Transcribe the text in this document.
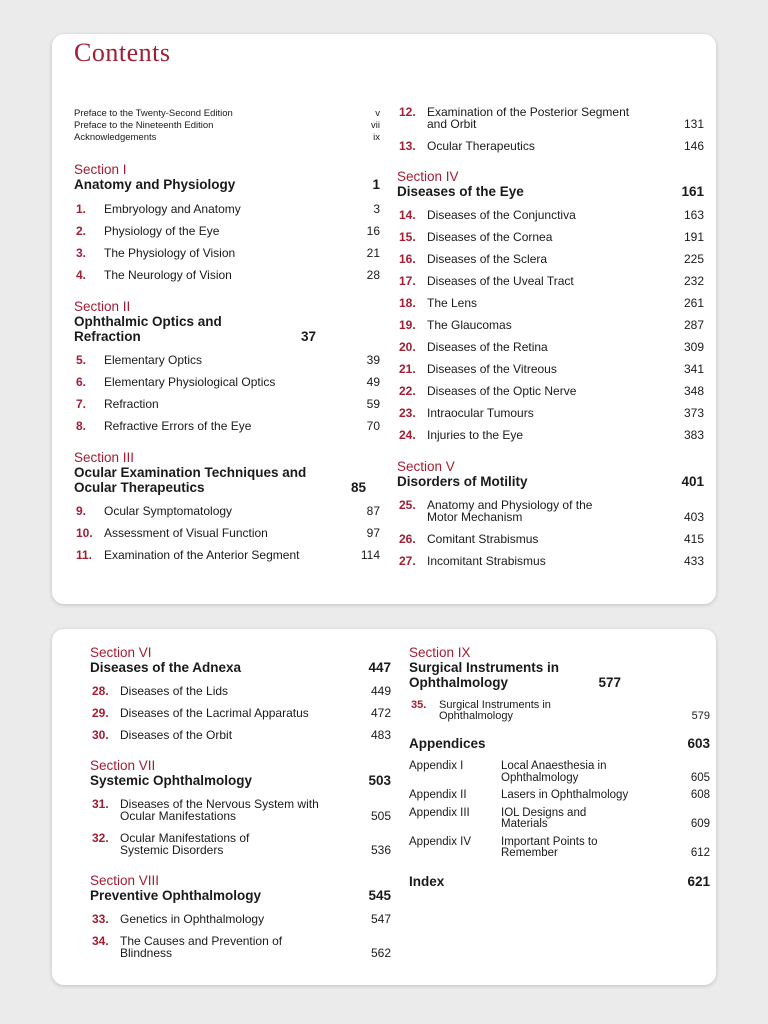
Contents
Preface to the Twenty-Second Edition	v
Preface to the Nineteenth Edition	vii
Acknowledgements	ix
Section I
Anatomy and Physiology	1
1.	Embryology and Anatomy	3
2.	Physiology of the Eye	16
3.	The Physiology of Vision	21
4.	The Neurology of Vision	28
Section II
Ophthalmic Optics and Refraction	37
5.	Elementary Optics	39
6.	Elementary Physiological Optics	49
7.	Refraction	59
8.	Refractive Errors of the Eye	70
Section III
Ocular Examination Techniques and Ocular Therapeutics	85
9.	Ocular Symptomatology	87
10. Assessment of Visual Function	97
11. Examination of the Anterior Segment	114
12. Examination of the Posterior Segment and Orbit	131
13. Ocular Therapeutics	146
Section IV
Diseases of the Eye	161
14. Diseases of the Conjunctiva	163
15. Diseases of the Cornea	191
16. Diseases of the Sclera	225
17. Diseases of the Uveal Tract	232
18. The Lens	261
19. The Glaucomas	287
20. Diseases of the Retina	309
21. Diseases of the Vitreous	341
22. Diseases of the Optic Nerve	348
23. Intraocular Tumours	373
24. Injuries to the Eye	383
Section V
Disorders of Motility	401
25. Anatomy and Physiology of the Motor Mechanism	403
26. Comitant Strabismus	415
27. Incomitant Strabismus	433
Section VI
Diseases of the Adnexa	447
28. Diseases of the Lids	449
29. Diseases of the Lacrimal Apparatus	472
30. Diseases of the Orbit	483
Section VII
Systemic Ophthalmology	503
31. Diseases of the Nervous System with Ocular Manifestations	505
32. Ocular Manifestations of Systemic Disorders	536
Section VIII
Preventive Ophthalmology	545
33. Genetics in Ophthalmology	547
34. The Causes and Prevention of Blindness	562
Section IX
Surgical Instruments in Ophthalmology	577
35.	Surgical Instruments in Ophthalmology	579
Appendices	603
Appendix I	Local Anaesthesia in Ophthalmology	605
Appendix II	Lasers in Ophthalmology	608
Appendix III	IOL Designs and Materials	609
Appendix IV	Important Points to Remember	612
Index	621
